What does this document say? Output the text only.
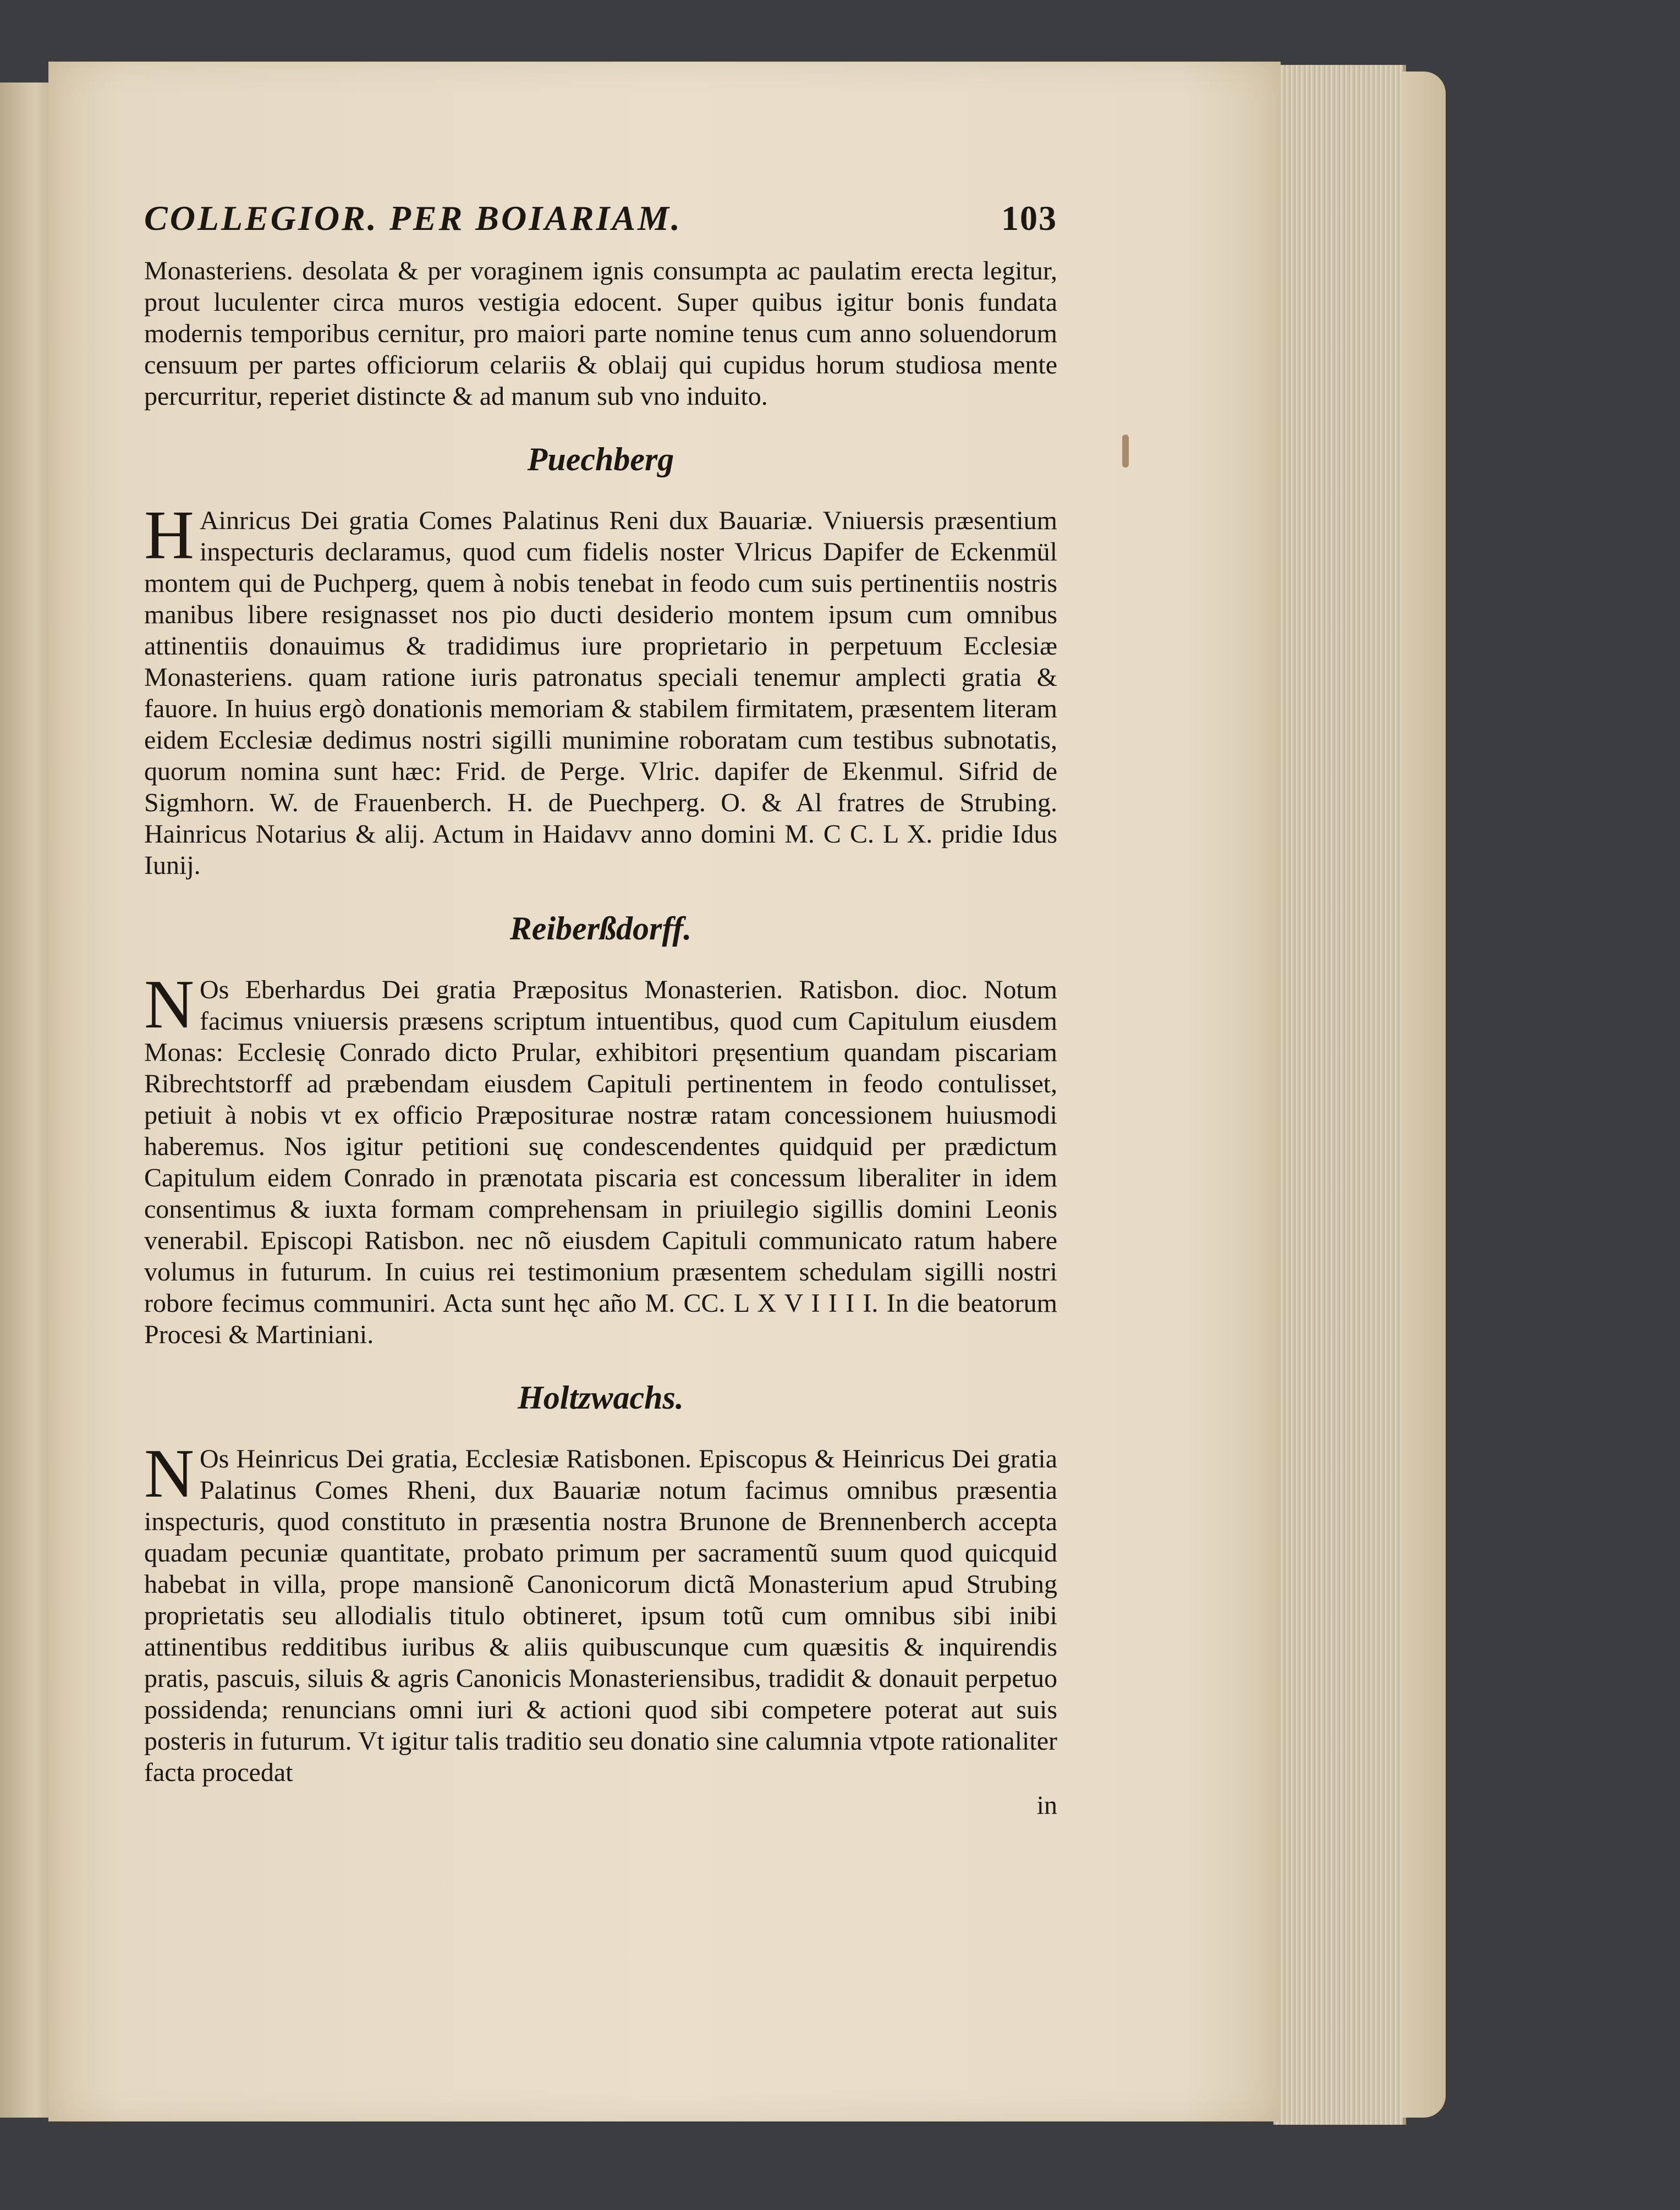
COLLEGIOR. PER BOIARIAM.	103

Monasteriens. desolata & per voraginem ignis consumpta ac paulatim erecta legitur, prout luculenter circa muros vestigia edocent. Super quibus igitur bonis fundata modernis temporibus cernitur, pro maiori parte nomine tenus cum anno soluendorum censuum per partes officiorum celariis & oblaij qui cupidus horum studiosa mente percurritur, reperiet distincte & ad manum sub vno induito.

Puechberg

H Ainricus Dei gratia Comes Palatinus Reni dux Bauariæ. Vniuersis præsentium inspecturis declaramus, quod cum fidelis noster Vlricus Dapifer de Eckenmül montem qui de Puchperg, quem à nobis tenebat in feodo cum suis pertinentiis nostris manibus libere resignasset nos pio ducti desiderio montem ipsum cum omnibus attinentiis donauimus & tradidimus iure proprietario in perpetuum Ecclesiæ Monasteriens. quam ratione iuris patronatus speciali tenemur amplecti gratia & fauore. In huius ergò donationis memoriam & stabilem firmitatem, præsentem literam eidem Ecclesiæ dedimus nostri sigilli munimine roboratam cum testibus subnotatis, quorum nomina sunt hæc: Frid. de Perge. Vlric. dapifer de Ekenmul. Sifrid de Sigmhorn. W. de Frauenberch. H. de Puechperg. O. & Al fratres de Strubing. Hainricus Notarius & alij. Actum in Haidavv anno domini M. C C. L X. pridie Idus Iunij.

Reiberßdorff.

N Os Eberhardus Dei gratia Præpositus Monasterien. Ratisbon. dioc. Notum facimus vniuersis præsens scriptum intuentibus, quod cum Capitulum eiusdem Monas: Ecclesię Conrado dicto Prular, exhibitori pręsentium quandam piscariam Ribrechtstorff ad præbendam eiusdem Capituli pertinentem in feodo contulisset, petiuit à nobis vt ex officio Præpositurae nostræ ratam concessionem huiusmodi haberemus. Nos igitur petitioni suę condescendentes quidquid per prædictum Capitulum eidem Conrado in prænotata piscaria est concessum liberaliter in idem consentimus & iuxta formam comprehensam in priuilegio sigillis domini Leonis venerabil. Episcopi Ratisbon. nec nõ eiusdem Capituli communicato ratum habere volumus in futurum. In cuius rei testimonium præsentem schedulam sigilli nostri robore fecimus communiri. Acta sunt hęc año M. CC. L X V I I I I. In die beatorum Procesi & Martiniani.

Holtzwachs.

N Os Heinricus Dei gratia, Ecclesiæ Ratisbonen. Episcopus & Heinricus Dei gratia Palatinus Comes Rheni, dux Bauariæ notum facimus omnibus præsentia inspecturis, quod constituto in præsentia nostra Brunone de Brennenberch accepta quadam pecuniæ quantitate, probato primum per sacramentũ suum quod quicquid habebat in villa, prope mansionẽ Canonicorum dictã Monasterium apud Strubing proprietatis seu allodialis titulo obtineret, ipsum totũ cum omnibus sibi inibi attinentibus redditibus iuribus & aliis quibuscunque cum quæsitis & inquirendis pratis, pascuis, siluis & agris Canonicis Monasteriensibus, tradidit & donauit perpetuo possidenda; renuncians omni iuri & actioni quod sibi competere poterat aut suis posteris in futurum. Vt igitur talis traditio seu donatio sine calumnia vtpote rationaliter facta procedat

in
